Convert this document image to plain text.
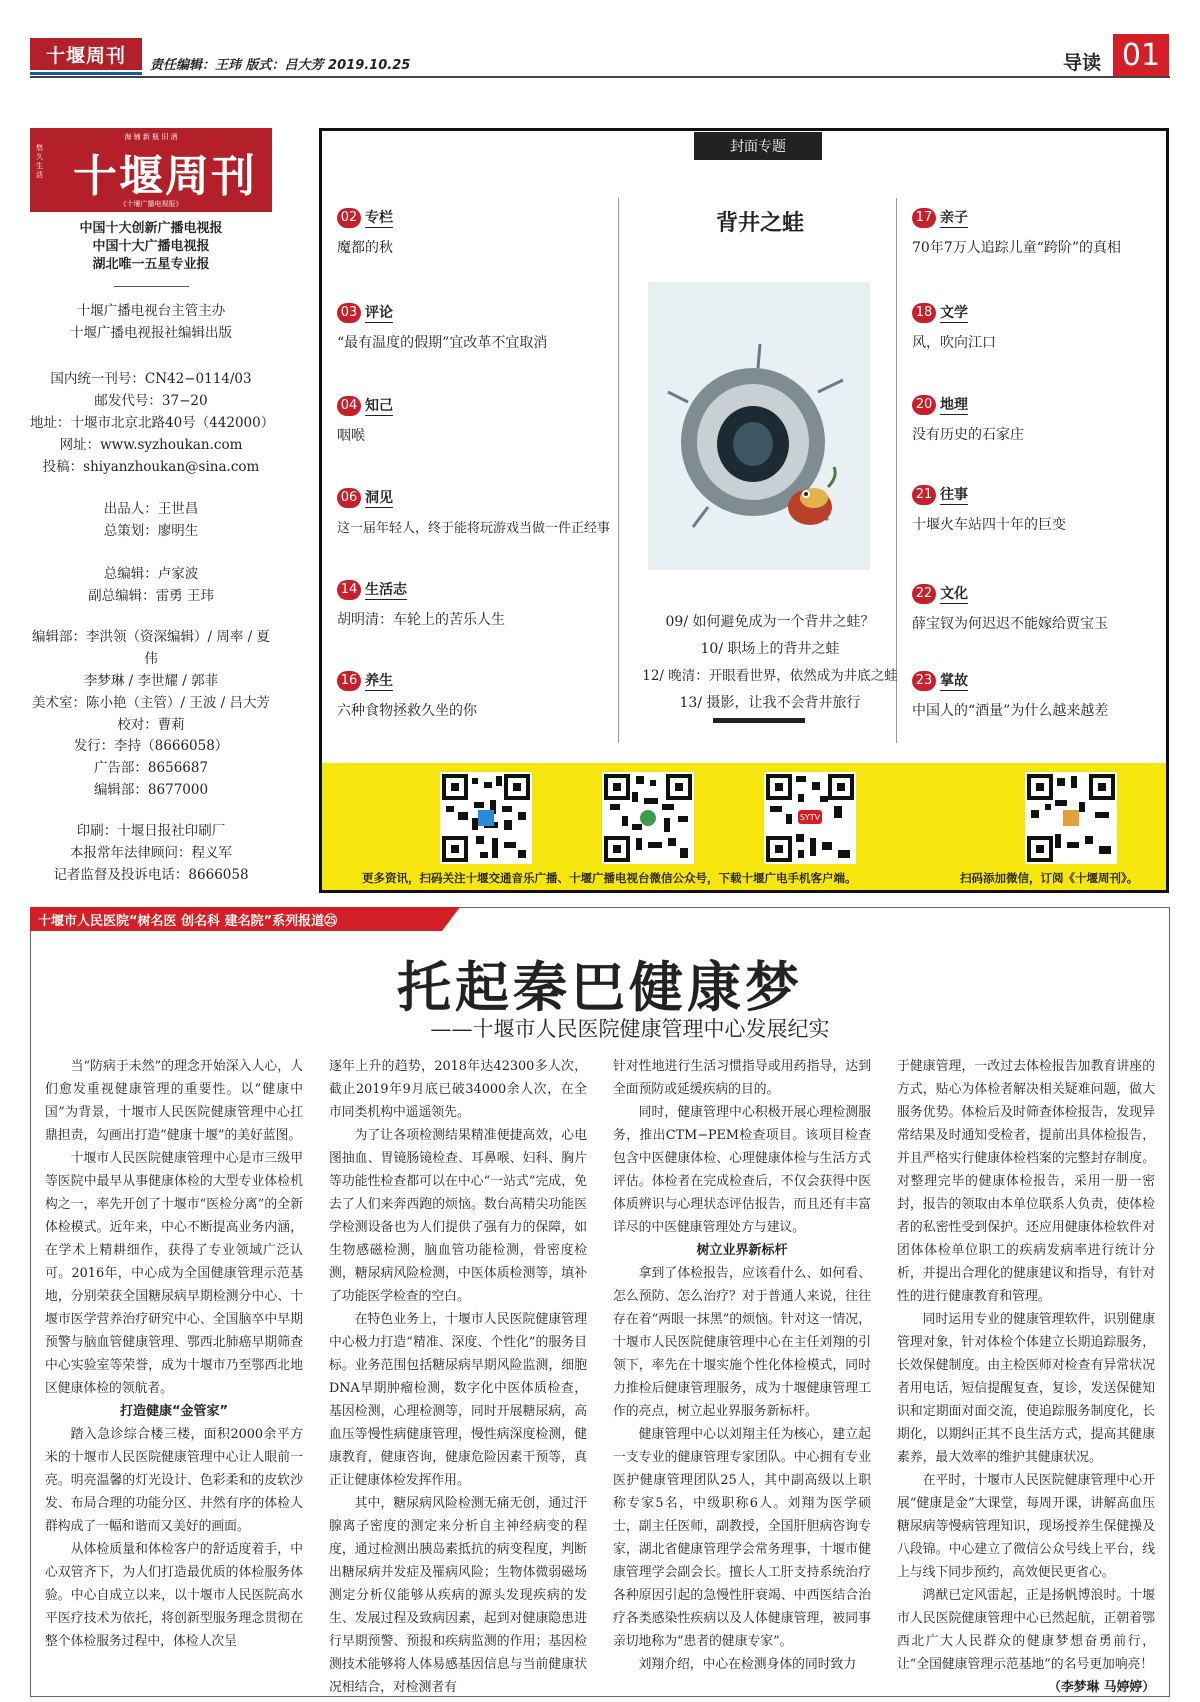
十堰周刊	责任编辑：王玮 版式：吕大芳 2019.10.25	导读 01
海 铺 新 瓶 旧 酒
悠 久 生 活 十堰周刊
《十堰广播电视报》
中国十大创新广播电视报
中国十大广播电视报
湖北唯一五星专业报
十堰广播电视台主管主办
十堰广播电视报社编辑出版
国内统一刊号：CN42−0114/03
邮发代号：37−20
地址：十堰市北京北路40号（442000）
网址：www.syzhoukan.com
投稿：shiyanzhoukan@sina.com
出品人：王世昌
总策划：廖明生
总编辑：卢家波
副总编辑：雷勇 王玮
编辑部：李洪领（资深编辑）/ 周率 / 夏伟
李梦琳 / 李世耀 / 郭菲
美术室：陈小艳（主管）/ 王波 / 吕大芳
校对：曹莉
发行：李持（8666058）
广告部：8656687
编辑部：8677000
印刷：十堰日报社印刷厂
本报常年法律顾问：程义军
记者监督及投诉电话：8666058
封面专题
02 专栏
魔都的秋
03 评论
“最有温度的假期”宜改革不宜取消
04 知己
咽喉
06 洞见
这一届年轻人，终于能将玩游戏当做一件正经事
14 生活志
胡明清：车轮上的苦乐人生
16 养生
六种食物拯救久坐的你
背井之蛙
09/ 如何避免成为一个背井之蛙？
10/ 职场上的背井之蛙
12/ 晚清：开眼看世界，依然成为井底之蛙
13/ 摄影，让我不会背井旅行
17 亲子
70年7万人追踪儿童“跨阶”的真相
18 文学
风，吹向江口
20 地理
没有历史的石家庄
21 往事
十堰火车站四十年的巨变
22 文化
薛宝钗为何迟迟不能嫁给贾宝玉
23 掌故
中国人的“酒量”为什么越来越差
SYTV
更多资讯，扫码关注十堰交通音乐广播、十堰广播电视台微信公众号，下载十堰广电手机客户端。	扫码添加微信，订阅《十堰周刊》。
十堰市人民医院“树名医 创名科 建名院”系列报道㉕
托起秦巴健康梦
——十堰市人民医院健康管理中心发展纪实

当“防病于未然”的理念开始深入人心，人们愈发重视健康管理的重要性。以“健康中国”为背景，十堰市人民医院健康管理中心扛鼎担责，勾画出打造“健康十堰”的美好蓝图。

十堰市人民医院健康管理中心是市三级甲等医院中最早从事健康体检的大型专业体检机构之一，率先开创了十堰市“医检分离”的全新体检模式。近年来，中心不断提高业务内涵，在学术上精耕细作，获得了专业领域广泛认可。2016年，中心成为全国健康管理示范基地，分别荣获全国糖尿病早期检测分中心、十堰市医学营养治疗研究中心、全国脑卒中早期预警与脑血管健康管理、鄂西北肺癌早期筛查中心实验室等荣誉，成为十堰市乃至鄂西北地区健康体检的领航者。

打造健康“金管家”

踏入急诊综合楼三楼，面积2000余平方米的十堰市人民医院健康管理中心让人眼前一亮。明亮温馨的灯光设计、色彩柔和的皮软沙发、布局合理的功能分区、井然有序的体检人群构成了一幅和谐而又美好的画面。

从体检质量和体检客户的舒适度着手，中心双管齐下，为人们打造最优质的体检服务体验。中心自成立以来，以十堰市人民医院高水平医疗技术为依托，将创新型服务理念贯彻在整个体检服务过程中，体检人次呈

逐年上升的趋势，2018年达42300多人次，截止2019年9月底已破34000余人次，在全市同类机构中遥遥领先。

为了让各项检测结果精准便捷高效，心电图抽血、胃镜肠镜检查、耳鼻喉、妇科、胸片等功能性检查都可以在中心“一站式”完成，免去了人们来奔西跑的烦恼。数台高精尖功能医学检测设备也为人们提供了强有力的保障，如生物感磁检测，脑血管功能检测，骨密度检测，糖尿病风险检测，中医体质检测等，填补了功能医学检查的空白。

在特色业务上，十堰市人民医院健康管理中心极力打造“精准、深度、个性化”的服务目标。业务范围包括糖尿病早期风险监测，细胞DNA早期肿瘤检测，数字化中医体质检查，基因检测，心理检测等，同时开展糖尿病，高血压等慢性病健康管理，慢性病深度检测，健康教育，健康咨询，健康危险因素干预等，真正让健康体检发挥作用。

其中，糖尿病风险检测无痛无创，通过汗腺离子密度的测定来分析自主神经病变的程度，通过检测出胰岛素抵抗的病变程度，判断出糖尿病并发症及罹病风险；生物体微弱磁场测定分析仪能够从疾病的源头发现疾病的发生、发展过程及致病因素，起到对健康隐患进行早期预警、预报和疾病监测的作用；基因检测技术能够将人体易感基因信息与当前健康状况相结合，对检测者有

针对性地进行生活习惯指导或用药指导，达到全面预防或延缓疾病的目的。

同时，健康管理中心积极开展心理检测服务，推出CTM−PEM检查项目。该项目检查包含中医健康体检、心理健康体检与生活方式评估。体检者在完成检查后，不仅会获得中医体质辨识与心理状态评估报告，而且还有丰富详尽的中医健康管理处方与建议。

树立业界新标杆

拿到了体检报告，应该看什么、如何看、怎么预防、怎么治疗？对于普通人来说，往往存在着“两眼一抹黑”的烦恼。针对这一情况，十堰市人民医院健康管理中心在主任刘翔的引领下，率先在十堰实施个性化体检模式，同时力推检后健康管理服务，成为十堰健康管理工作的亮点，树立起业界服务新标杆。

健康管理中心以刘翔主任为核心，建立起一支专业的健康管理专家团队。中心拥有专业医护健康管理团队25人，其中副高级以上职称专家5名，中级职称6人。刘翔为医学硕士，副主任医师，副教授，全国肝胆病咨询专家，湖北省健康管理学会常务理事，十堰市健康管理学会副会长。擅长人工肝支持系统治疗各种原因引起的急慢性肝衰竭、中西医结合治疗各类感染性疾病以及人体健康管理，被同事亲切地称为“患者的健康专家”。

刘翔介绍，中心在检测身体的同时致力

于健康管理，一改过去体检报告加教育讲座的方式，贴心为体检者解决相关疑难问题，做大服务优势。体检后及时筛查体检报告，发现异常结果及时通知受检者，提前出具体检报告，并且严格实行健康体检档案的完整封存制度。对整理完毕的健康体检报告，采用一册一密封，报告的领取由本单位联系人负责，使体检者的私密性受到保护。还应用健康体检软件对团体体检单位职工的疾病发病率进行统计分析，并提出合理化的健康建议和指导，有针对性的进行健康教育和管理。

同时运用专业的健康管理软件，识别健康管理对象，针对体检个体建立长期追踪服务，长效保健制度。由主检医师对检查有异常状况者用电话，短信提醒复查，复诊，发送保健知识和定期面对面交流，使追踪服务制度化，长期化，以期纠正其不良生活方式，提高其健康素养，最大效率的维护其健康状况。

在平时，十堰市人民医院健康管理中心开展“健康是金”大课堂，每周开课，讲解高血压糖尿病等慢病管理知识，现场授养生保健操及八段锦。中心建立了微信公众号线上平台，线上与线下同步预约，高效便民更省心。

鸿猷已定风雷起，正是扬帆博浪时。十堰市人民医院健康管理中心已然起航，正朝着鄂西北广大人民群众的健康梦想奋勇前行，让“全国健康管理示范基地”的名号更加响亮！

（李梦琳 马婷婷）
